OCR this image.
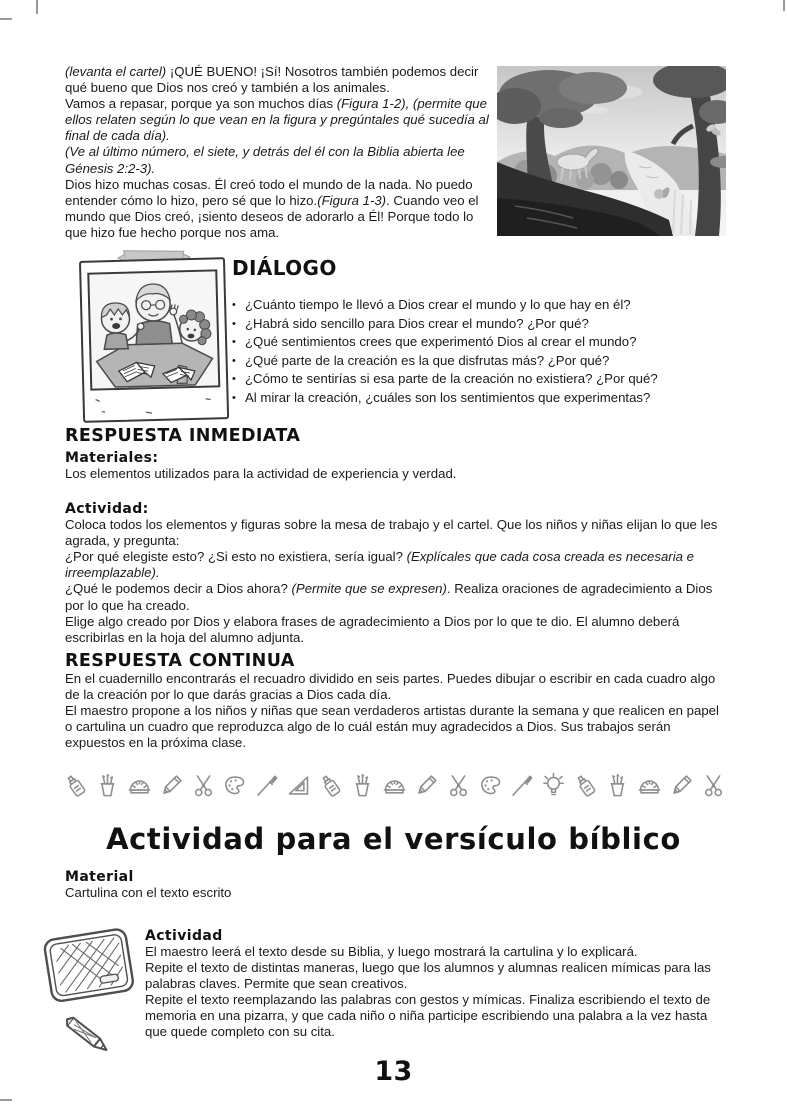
(levanta el cartel) ¡QUÉ BUENO! ¡Sí! Nosotros también podemos decir qué bueno que Dios nos creó y también a los animales.

Vamos a repasar, porque ya son muchos días (Figura 1-2), (permite que ellos relaten según lo que vean en la figura y pregúntales qué sucedía al final de cada día).

(Ve al último número, el siete, y detrás del él con la Biblia abierta lee Génesis 2:2-3).

Dios hizo muchas cosas. Él creó todo el mundo de la nada. No puedo entender cómo lo hizo, pero sé que lo hizo.(Figura 1-3). Cuando veo el mundo que Dios creó, ¡siento deseos de adorarlo a Él! Porque todo lo que hizo fue hecho porque nos ama.

DIÁLOGO
• ¿Cuánto tiempo le llevó a Dios crear el mundo y lo que hay en él?
• ¿Habrá sido sencillo para Dios crear el mundo? ¿Por qué?
• ¿Qué sentimientos crees que experimentó Dios al crear el mundo?
• ¿Qué parte de la creación es la que disfrutas más? ¿Por qué?
• ¿Cómo te sentirías si esa parte de la creación no existiera? ¿Por qué?
• Al mirar la creación, ¿cuáles son los sentimientos que experimentas?
RESPUESTA INMEDIATA
Materiales:
Los elementos utilizados para la actividad de experiencia y verdad.
Actividad:

Coloca todos los elementos y figuras sobre la mesa de trabajo y el cartel. Que los niños y niñas elijan lo que les agrada, y pregunta:

¿Por qué elegiste esto? ¿Si esto no existiera, sería igual? (Explícales que cada cosa creada es necesaria e irreemplazable).

¿Qué le podemos decir a Dios ahora? (Permite que se expresen). Realiza oraciones de agradecimiento a Dios por lo que ha creado.

Elige algo creado por Dios y elabora frases de agradecimiento a Dios por lo que te dio. El alumno deberá escribirlas en la hoja del alumno adjunta.

RESPUESTA CONTINUA

En el cuadernillo encontrarás el recuadro dividido en seis partes. Puedes dibujar o escribir en cada cuadro algo de la creación por lo que darás gracias a Dios cada día.

El maestro propone a los niños y niñas que sean verdaderos artistas durante la semana y que realicen en papel o cartulina un cuadro que reproduzca algo de lo cuál están muy agradecidos a Dios. Sus trabajos serán expuestos en la próxima clase.

Actividad para el versículo bíblico
Material
Cartulina con el texto escrito
Actividad

El maestro leerá el texto desde su Biblia, y luego mostrará la cartulina y lo explicará.

Repite el texto de distintas maneras, luego que los alumnos y alumnas realicen mímicas para las palabras claves. Permite que sean creativos.

Repite el texto reemplazando las palabras con gestos y mímicas. Finaliza escribiendo el texto de memoria en una pizarra, y que cada niño o niña participe escribiendo una palabra a la vez hasta que quede completo con su cita.

13
